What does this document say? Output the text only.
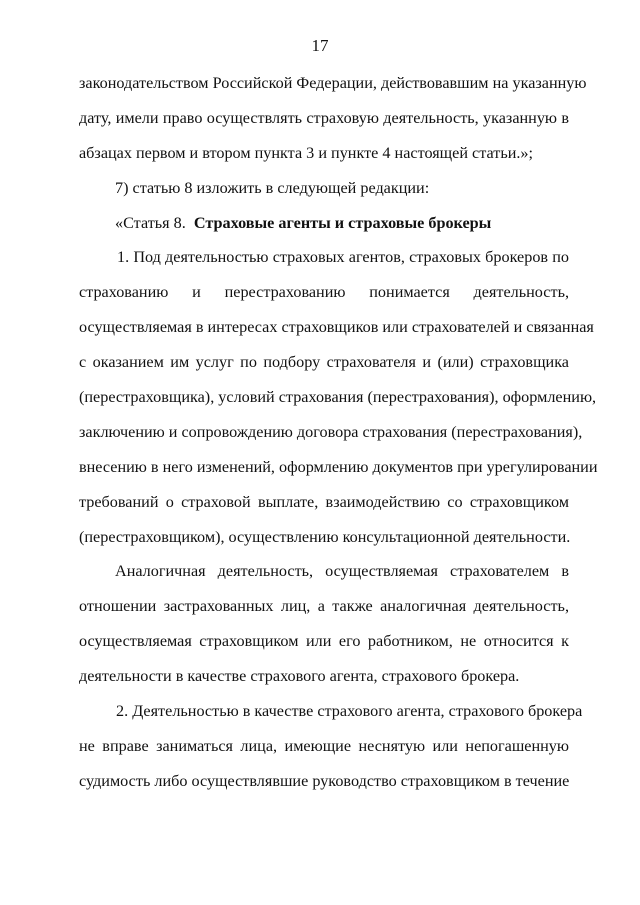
17
законодательством Российской Федерации, действовавшим на указанную
дату, имели право осуществлять страховую деятельность, указанную в
абзацах первом и втором пункта 3 и пункте 4 настоящей статьи.»;
7) статью 8 изложить в следующей редакции:
«Статья 8. Страховые агенты и страховые брокеры
1. Под деятельностью страховых агентов, страховых брокеров по
страхованию и перестрахованию понимается деятельность,
осуществляемая в интересах страховщиков или страхователей и связанная
с оказанием им услуг по подбору страхователя и (или) страховщика
(перестраховщика), условий страхования (перестрахования), оформлению,
заключению и сопровождению договора страхования (перестрахования),
внесению в него изменений, оформлению документов при урегулировании
требований о страховой выплате, взаимодействию со страховщиком
(перестраховщиком), осуществлению консультационной деятельности.
Аналогичная деятельность, осуществляемая страхователем в
отношении застрахованных лиц, а также аналогичная деятельность,
осуществляемая страховщиком или его работником, не относится к
деятельности в качестве страхового агента, страхового брокера.
2. Деятельностью в качестве страхового агента, страхового брокера
не вправе заниматься лица, имеющие неснятую или непогашенную
судимость либо осуществлявшие руководство страховщиком в течение
